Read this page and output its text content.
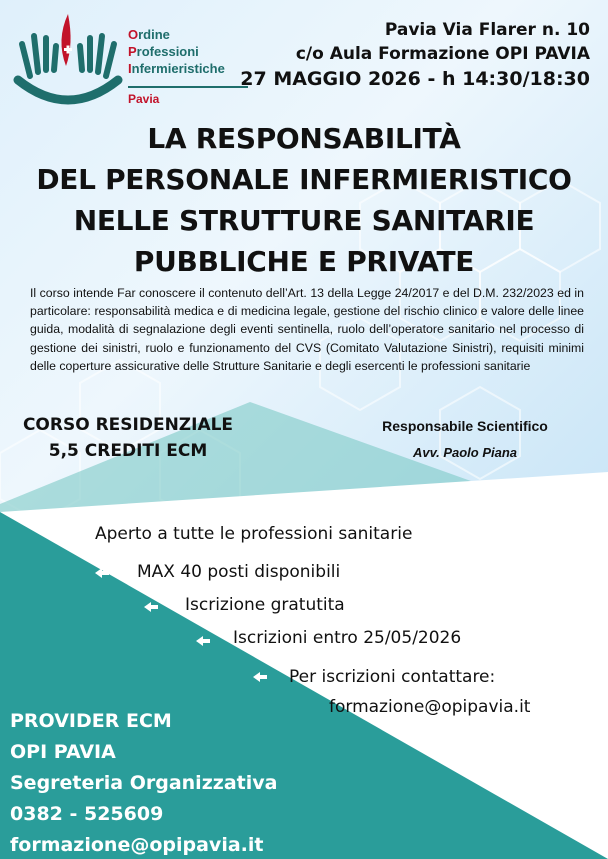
Ordine
Professioni
Infermieristiche
Pavia
Pavia Via Flarer n. 10
c/o Aula Formazione OPI PAVIA
27 MAGGIO 2026 - h 14:30/18:30
LA RESPONSABILITÀ
DEL PERSONALE INFERMIERISTICO
NELLE STRUTTURE SANITARIE
PUBBLICHE E PRIVATE
Il corso intende Far conoscere il contenuto dell’Art. 13 della Legge 24/2017 e del D.M. 232/2023 ed in particolare: responsabilità medica e di medicina legale, gestione del rischio clinico e valore delle linee guida, modalità di segnalazione degli eventi sentinella, ruolo dell’operatore sanitario nel processo di gestione dei sinistri, ruolo e funzionamento del CVS (Comitato Valutazione Sinistri), requisiti minimi delle coperture assicurative delle Strutture Sanitarie e degli esercenti le professioni sanitarie
CORSO RESIDENZIALE
5,5 CREDITI ECM
Responsabile Scientifico
Avv. Paolo Piana
Aperto a tutte le professioni sanitarie
MAX 40 posti disponibili
Iscrizione gratutita
Iscrizioni entro 25/05/2026
Per iscrizioni contattare:
formazione@opipavia.it
PROVIDER ECM
OPI PAVIA
Segreteria Organizzativa
0382 - 525609
formazione@opipavia.it
